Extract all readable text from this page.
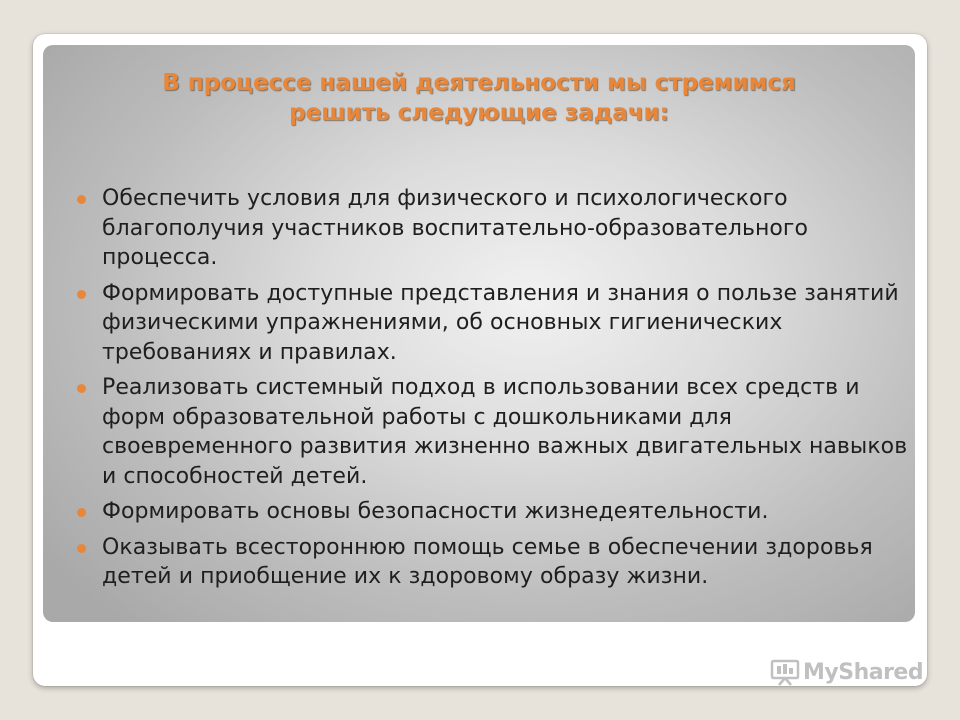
В процессе нашей деятельности мы стремимся
решить следующие задачи:
Обеспечить условия для физического и психологического благополучия участников воспитательно-образовательного процесса.
Формировать доступные представления и знания о пользе занятий физическими упражнениями, об основных гигиенических требованиях и правилах.
Реализовать системный подход в использовании всех средств и форм образовательной работы с дошкольниками для своевременного развития жизненно важных двигательных навыков и способностей детей.
Формировать основы безопасности жизнедеятельности.
Оказывать всестороннюю помощь семье в обеспечении здоровья детей и приобщение их к здоровому образу жизни.
MyShared
